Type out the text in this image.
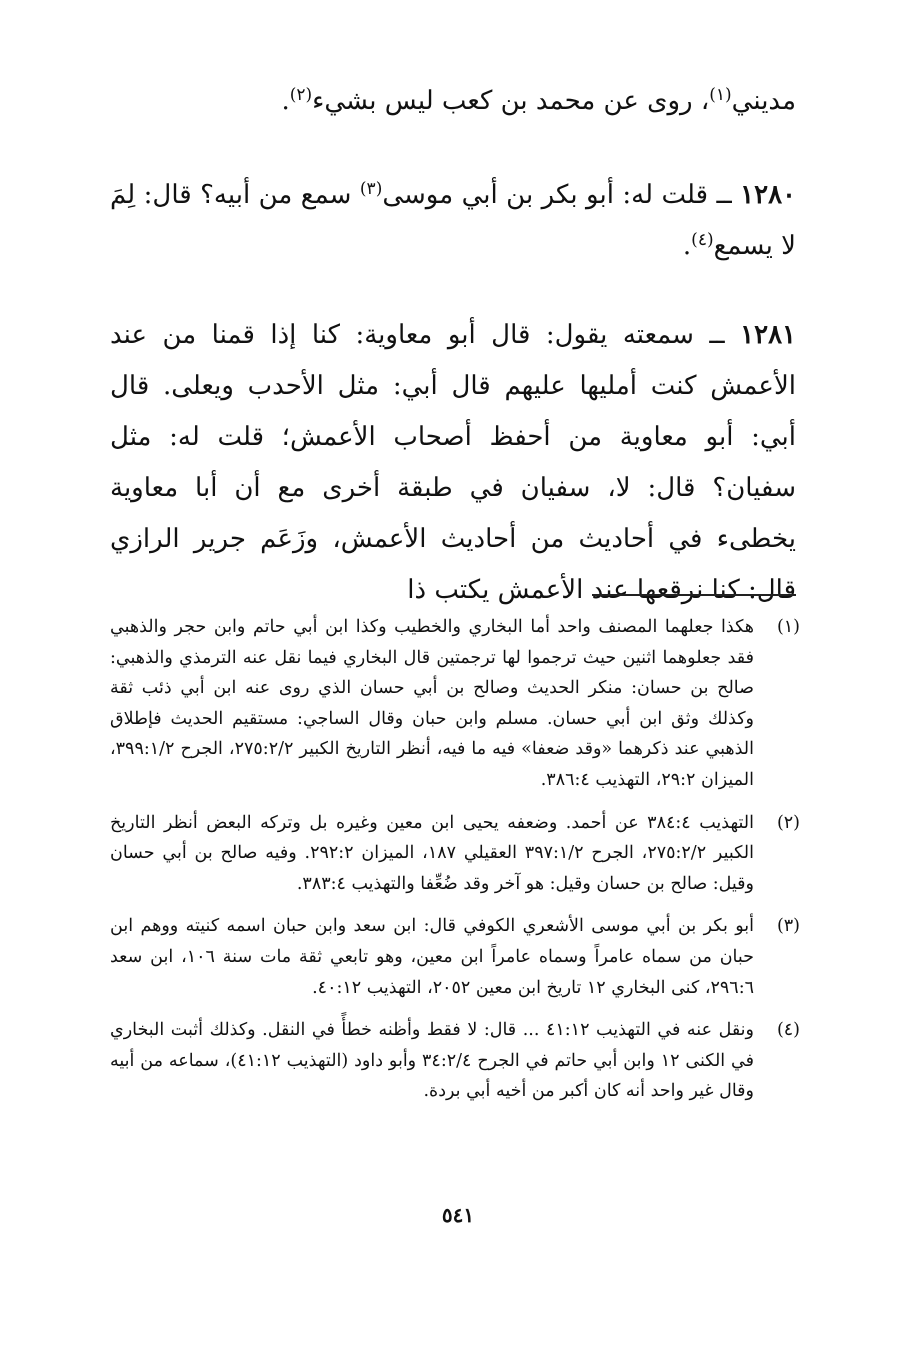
مديني$^{(١)}$، روى عن محمد بن كعب ليس بشيء$^{(٢)}$.
١٢٨٠ ــ قلت له: أبو بكر بن أبي موسى$^{(٣)}$ سمع من أبيه؟ قال: لِمَ لا يسمع$^{(٤)}$.
١٢٨١ ــ سمعته يقول: قال أبو معاوية: كنا إذا قمنا من عند الأعمش كنت أمليها عليهم قال أبي: مثل الأحدب ويعلى. قال أبي: أبو معاوية من أحفظ أصحاب الأعمش؛ قلت له: مثل سفيان؟ قال: لا، سفيان في طبقة أخرى مع أن أبا معاوية يخطىء في أحاديث من أحاديث الأعمش، وزَعَم جرير الرازي قال: كنا نرقعها عند الأعمش يكتب ذا
(١)
هكذا جعلهما المصنف واحد أما البخاري والخطيب وكذا ابن أبي حاتم وابن حجر والذهبي فقد جعلوهما اثنين حيث ترجموا لها ترجمتين قال البخاري فيما نقل عنه الترمذي والذهبي: صالح بن حسان: منكر الحديث وصالح بن أبي حسان الذي روى عنه ابن أبي ذئب ثقة وكذلك وثق ابن أبي حسان. مسلم وابن حبان وقال الساجي: مستقيم الحديث فإطلاق الذهبي عند ذكرهما «وقد ضعفا» فيه ما فيه، أنظر التاريخ الكبير ٢٧٥:٢/٢، الجرح ٣٩٩:١/٢، الميزان ٢٩:٢، التهذيب ٣٨٦:٤.
(٢)
التهذيب ٣٨٤:٤ عن أحمد. وضعفه يحيى ابن معين وغيره بل وتركه البعض أنظر التاريخ الكبير ٢٧٥:٢/٢، الجرح ٣٩٧:١/٢ العقيلي ١٨٧، الميزان ٢٩٢:٢. وفيه صالح بن أبي حسان وقيل: صالح بن حسان وقيل: هو آخر وقد ضُعِّفا والتهذيب ٣٨٣:٤.
(٣)
أبو بكر بن أبي موسى الأشعري الكوفي قال: ابن سعد وابن حبان اسمه كنيته ووهم ابن حبان من سماه عامراً وسماه عامراً ابن معين، وهو تابعي ثقة مات سنة ١٠٦، ابن سعد ٢٩٦:٦، كنى البخاري ١٢ تاريخ ابن معين ٢٠٥٢، التهذيب ٤٠:١٢.
(٤)
ونقل عنه في التهذيب ٤١:١٢ ... قال: لا فقط وأظنه خطأً في النقل. وكذلك أثبت البخاري في الكنى ١٢ وابن أبي حاتم في الجرح ٣٤:٢/٤ وأبو داود (التهذيب ٤١:١٢)، سماعه من أبيه وقال غير واحد أنه كان أكبر من أخيه أبي بردة.
٥٤١
